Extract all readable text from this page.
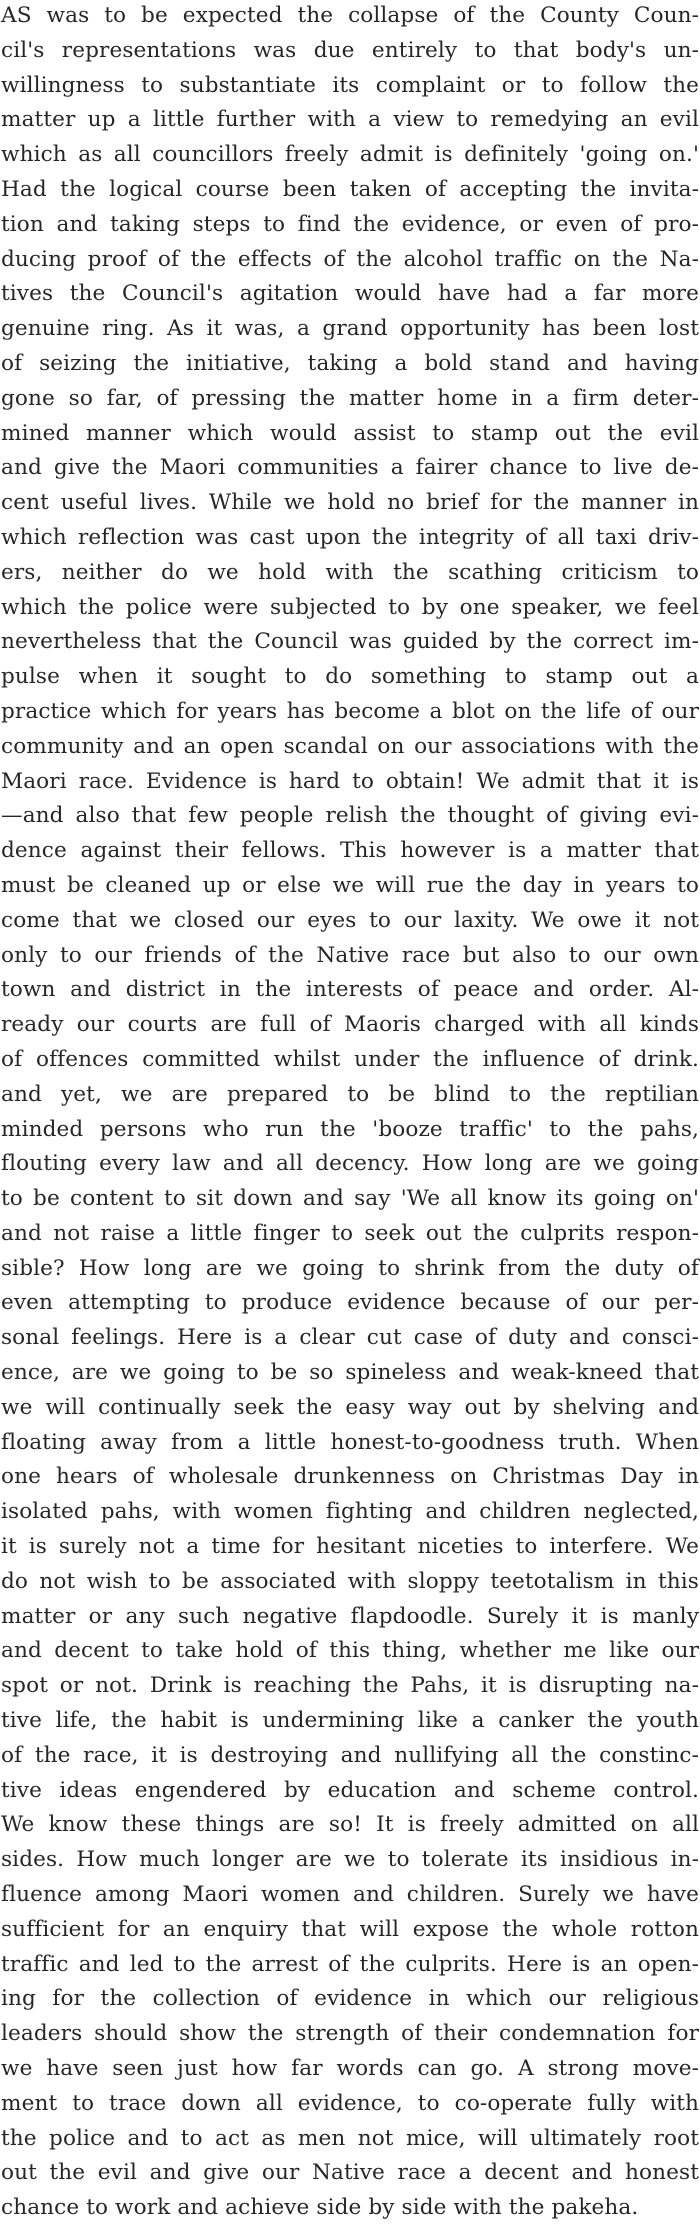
AS was to be expected the collapse of the County Coun-
cil's representations was due entirely to that body's un-
willingness to substantiate its complaint or to follow the
matter up a little further with a view to remedying an evil
which as all councillors freely admit is definitely 'going on.'
Had the logical course been taken of accepting the invita-
tion and taking steps to find the evidence, or even of pro-
ducing proof of the effects of the alcohol traffic on the Na-
tives the Council's agitation would have had a far more
genuine ring. As it was, a grand opportunity has been lost
of seizing the initiative, taking a bold stand and having
gone so far, of pressing the matter home in a firm deter-
mined manner which would assist to stamp out the evil
and give the Maori communities a fairer chance to live de-
cent useful lives. While we hold no brief for the manner in
which reflection was cast upon the integrity of all taxi driv-
ers, neither do we hold with the scathing criticism to
which the police were subjected to by one speaker, we feel
nevertheless that the Council was guided by the correct im-
pulse when it sought to do something to stamp out a
practice which for years has become a blot on the life of our
community and an open scandal on our associations with the
Maori race. Evidence is hard to obtain! We admit that it is
—and also that few people relish the thought of giving evi-
dence against their fellows. This however is a matter that
must be cleaned up or else we will rue the day in years to
come that we closed our eyes to our laxity. We owe it not
only to our friends of the Native race but also to our own
town and district in the interests of peace and order. Al-
ready our courts are full of Maoris charged with all kinds
of offences committed whilst under the influence of drink.
and yet, we are prepared to be blind to the reptilian
minded persons who run the 'booze traffic' to the pahs,
flouting every law and all decency. How long are we going
to be content to sit down and say 'We all know its going on'
and not raise a little finger to seek out the culprits respon-
sible? How long are we going to shrink from the duty of
even attempting to produce evidence because of our per-
sonal feelings. Here is a clear cut case of duty and consci-
ence, are we going to be so spineless and weak-kneed that
we will continually seek the easy way out by shelving and
floating away from a little honest-to-goodness truth. When
one hears of wholesale drunkenness on Christmas Day in
isolated pahs, with women fighting and children neglected,
it is surely not a time for hesitant niceties to interfere. We
do not wish to be associated with sloppy teetotalism in this
matter or any such negative flapdoodle. Surely it is manly
and decent to take hold of this thing, whether me like our
spot or not. Drink is reaching the Pahs, it is disrupting na-
tive life, the habit is undermining like a canker the youth
of the race, it is destroying and nullifying all the constinc-
tive ideas engendered by education and scheme control.
We know these things are so! It is freely admitted on all
sides. How much longer are we to tolerate its insidious in-
fluence among Maori women and children. Surely we have
sufficient for an enquiry that will expose the whole rotton
traffic and led to the arrest of the culprits. Here is an open-
ing for the collection of evidence in which our religious
leaders should show the strength of their condemnation for
we have seen just how far words can go. A strong move-
ment to trace down all evidence, to co-operate fully with
the police and to act as men not mice, will ultimately root
out the evil and give our Native race a decent and honest
chance to work and achieve side by side with the pakeha.
